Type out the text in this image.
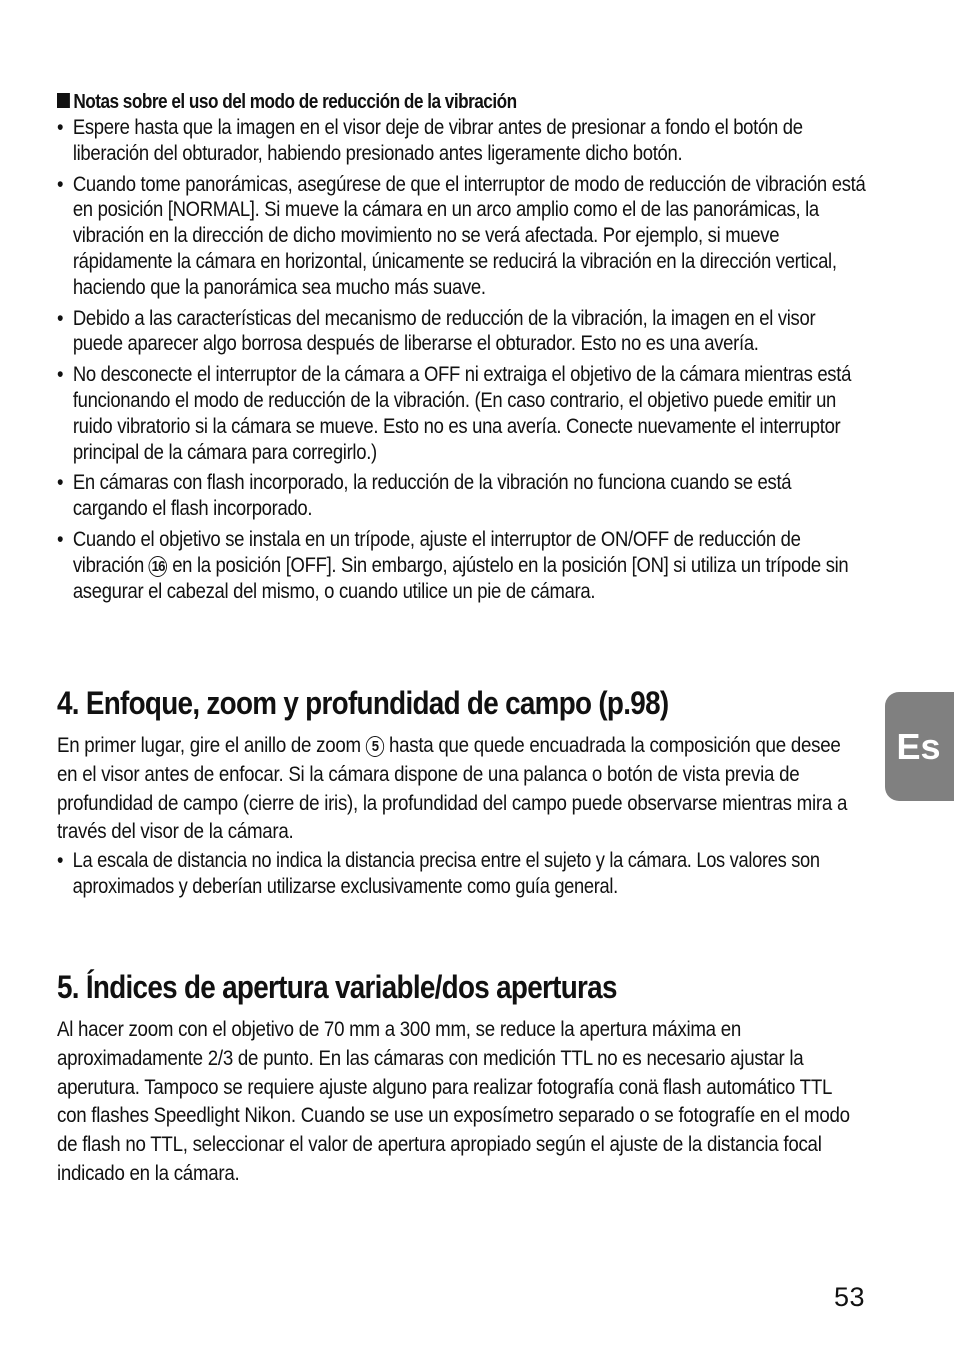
Notas sobre el uso del modo de reducción de la vibración
• Espere hasta que la imagen en el visor deje de vibrar antes de presionar a fondo el botón de liberación del obturador, habiendo presionado antes ligeramente dicho botón.
• Cuando tome panorámicas, asegúrese de que el interruptor de modo de reducción de vibración está en posición [NORMAL]. Si mueve la cámara en un arco amplio como el de las panorámicas, la vibración en la dirección de dicho movimiento no se verá afectada. Por ejemplo, si mueve rápidamente la cámara en horizontal, únicamente se reducirá la vibración en la dirección vertical, haciendo que la panorámica sea mucho más suave.
• Debido a las características del mecanismo de reducción de la vibración, la imagen en el visor puede aparecer algo borrosa después de liberarse el obturador. Esto no es una avería.
• No desconecte el interruptor de la cámara a OFF ni extraiga el objetivo de la cámara mientras está funcionando el modo de reducción de la vibración. (En caso contrario, el objetivo puede emitir un ruido vibratorio si la cámara se mueve. Esto no es una avería. Conecte nuevamente el interruptor principal de la cámara para corregirlo.)
• En cámaras con flash incorporado, la reducción de la vibración no funciona cuando se está cargando el flash incorporado.
• Cuando el objetivo se instala en un trípode, ajuste el interruptor de ON/OFF de reducción de vibración 16 en la posición [OFF]. Sin embargo, ajústelo en la posición [ON] si utiliza un trípode sin asegurar el cabezal del mismo, o cuando utilice un pie de cámara.
4. Enfoque, zoom y profundidad de campo (p.98)

En primer lugar, gire el anillo de zoom 5 hasta que quede encuadrada la composición que desee en el visor antes de enfocar. Si la cámara dispone de una palanca o botón de vista previa de profundidad de campo (cierre de iris), la profundidad del campo puede observarse mientras mira a través del visor de la cámara.

• La escala de distancia no indica la distancia precisa entre el sujeto y la cámara. Los valores son aproximados y deberían utilizarse exclusivamente como guía general.
5. Índices de apertura variable/dos aperturas

Al hacer zoom con el objetivo de 70 mm a 300 mm, se reduce la apertura máxima en aproximadamente 2/3 de punto. En las cámaras con medición TTL no es necesario ajustar la aperutura. Tampoco se requiere ajuste alguno para realizar fotografía conä flash automático TTL con flashes Speedlight Nikon. Cuando se use un exposímetro separado o se fotografíe en el modo de flash no TTL, seleccionar el valor de apertura apropiado según el ajuste de la distancia focal indicado en la cámara.

Es
53
